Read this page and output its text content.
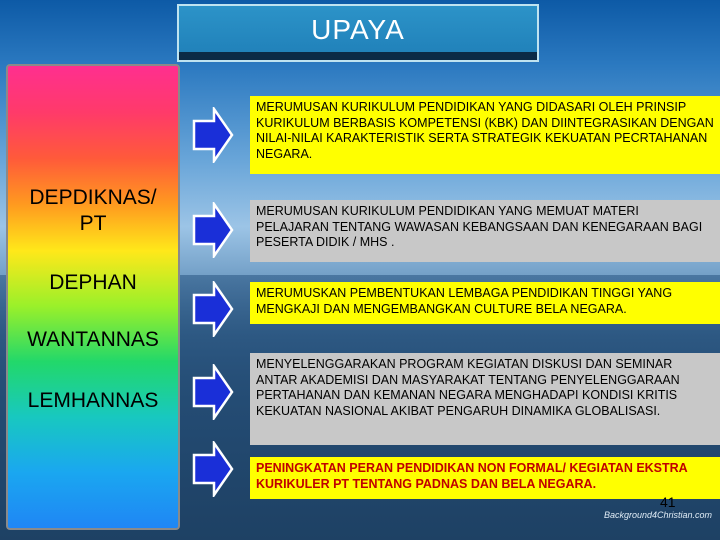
UPAYA
DEPDIKNAS/ PT
DEPHAN
WANTANNAS
LEMHANNAS
MERUMUSAN KURIKULUM PENDIDIKAN YANG DIDASARI OLEH PRINSIP KURIKULUM BERBASIS KOMPETENSI (KBK) DAN DIINTEGRASIKAN DENGAN NILAI-NILAI KARAKTERISTIK SERTA STRATEGIK KEKUATAN PECRTAHANAN NEGARA.
MERUMUSAN KURIKULUM PENDIDIKAN YANG MEMUAT MATERI PELAJARAN TENTANG WAWASAN KEBANGSAAN DAN KENEGARAAN BAGI PESERTA DIDIK / MHS .
MERUMUSKAN PEMBENTUKAN LEMBAGA PENDIDIKAN TINGGI YANG MENGKAJI DAN MENGEMBANGKAN CULTURE BELA NEGARA.
MENYELENGGARAKAN PROGRAM KEGIATAN DISKUSI DAN SEMINAR ANTAR AKADEMISI DAN MASYARAKAT TENTANG PENYELENGGARAAN PERTAHANAN DAN KEMANAN NEGARA MENGHADAPI KONDISI KRITIS KEKUATAN NASIONAL AKIBAT PENGARUH DINAMIKA GLOBALISASI.
PENINGKATAN PERAN PENDIDIKAN NON FORMAL/ KEGIATAN EKSTRA KURIKULER PT TENTANG PADNAS DAN BELA NEGARA.
41
Background4Christian.com
